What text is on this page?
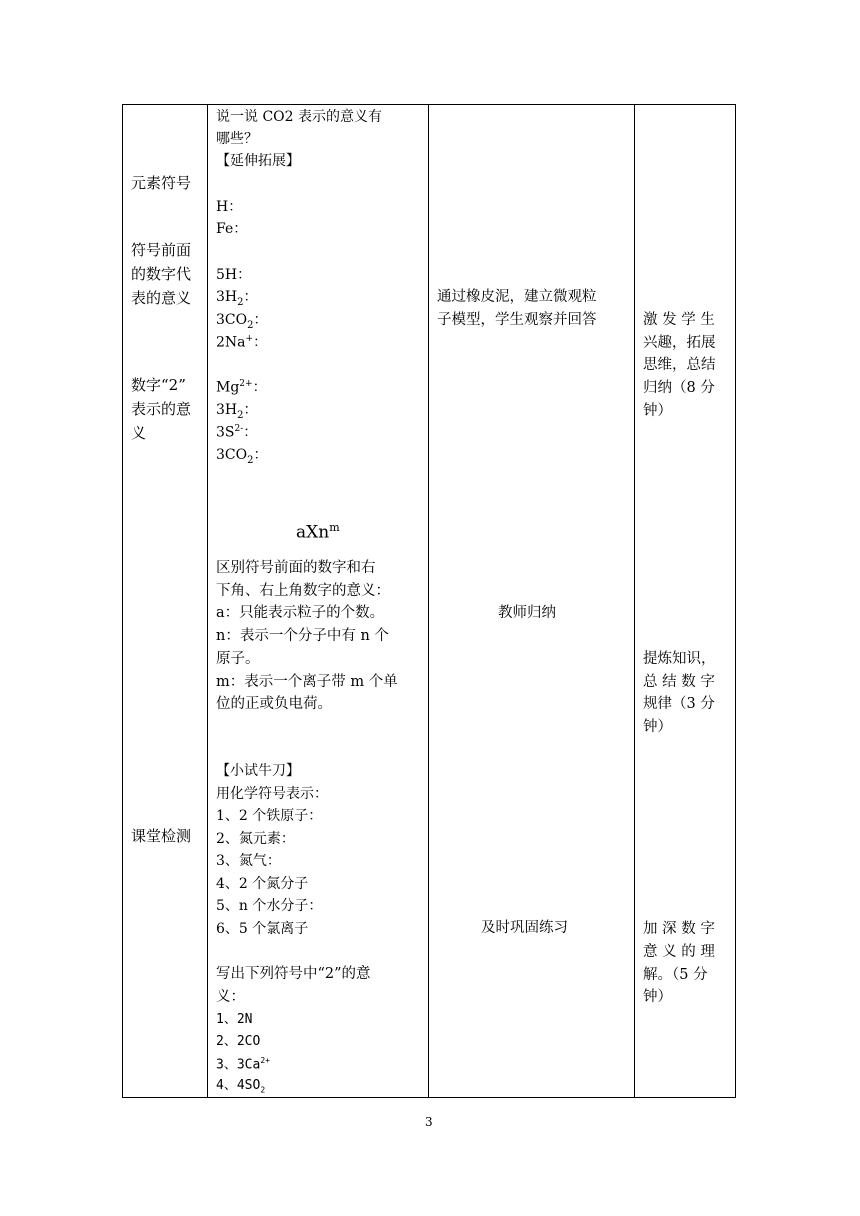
元素符号
符号前面
的数字代
表的意义
数字“2”
表示的意
义
课堂检测
说一说 CO2 表示的意义有
哪些？
【延伸拓展】
H：
Fe：
5H：
$3H_2$：
$3CO_2$：
2Na+：
$Mg^{2+}$：
$3H_2$：
$3S^{2-}$：
$3CO_2$：
aXn$^m$
区别符号前面的数字和右
下角、右上角数字的意义：
a：只能表示粒子的个数。
n：表示一个分子中有 n 个
原子。
m：表示一个离子带 m 个单
位的正或负电荷。
【小试牛刀】
用化学符号表示：
1、2 个铁原子：
2、氮元素：
3、氮气：
4、2 个氮分子
5、n 个水分子：
6、5 个氯离子
写出下列符号中“2”的意
义：
1、2N
2、2CO
3、$3Ca^{2+}$
4、$4SO_2$
通过橡皮泥，建立微观粒
子模型，学生观察并回答
教师归纳
及时巩固练习
激 发 学 生
兴趣，拓展
思维，总结
归纳（8 分
钟）
提炼知识，
总 结 数 字
规律（3 分
钟）
加 深 数 字
意 义 的 理
解。（5 分
钟）
3
